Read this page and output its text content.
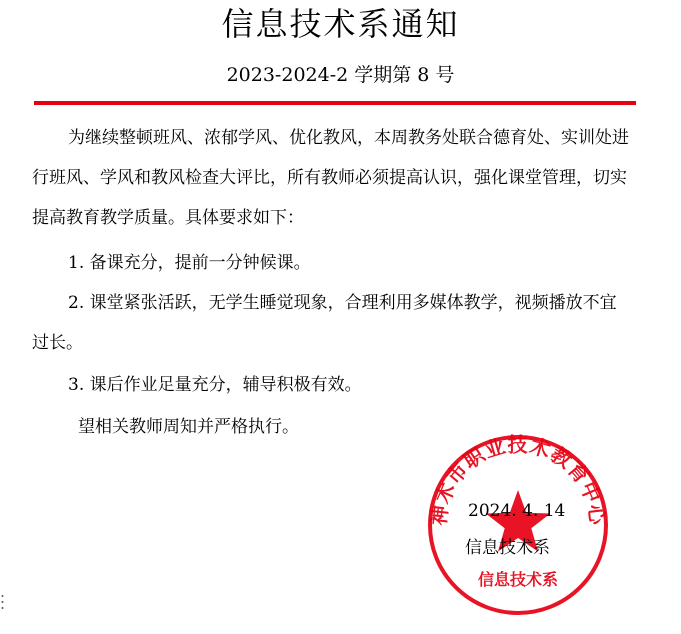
信息技术系通知
2023-2024-2 学期第 8 号

为继续整顿班风、浓郁学风、优化教风，本周教务处联合德育处、实训处进行班风、学风和教风检查大评比，所有教师必须提高认识，强化课堂管理，切实提高教育教学质量。具体要求如下：

1. 备课充分，提前一分钟候课。

2. 课堂紧张活跃，无学生睡觉现象，合理利用多媒体教学，视频播放不宜过长。

3. 课后作业足量充分，辅导积极有效。

望相关教师周知并严格执行。

神木市职业技术教育中心
信息技术系
2024. 4. 14
信息技术系
